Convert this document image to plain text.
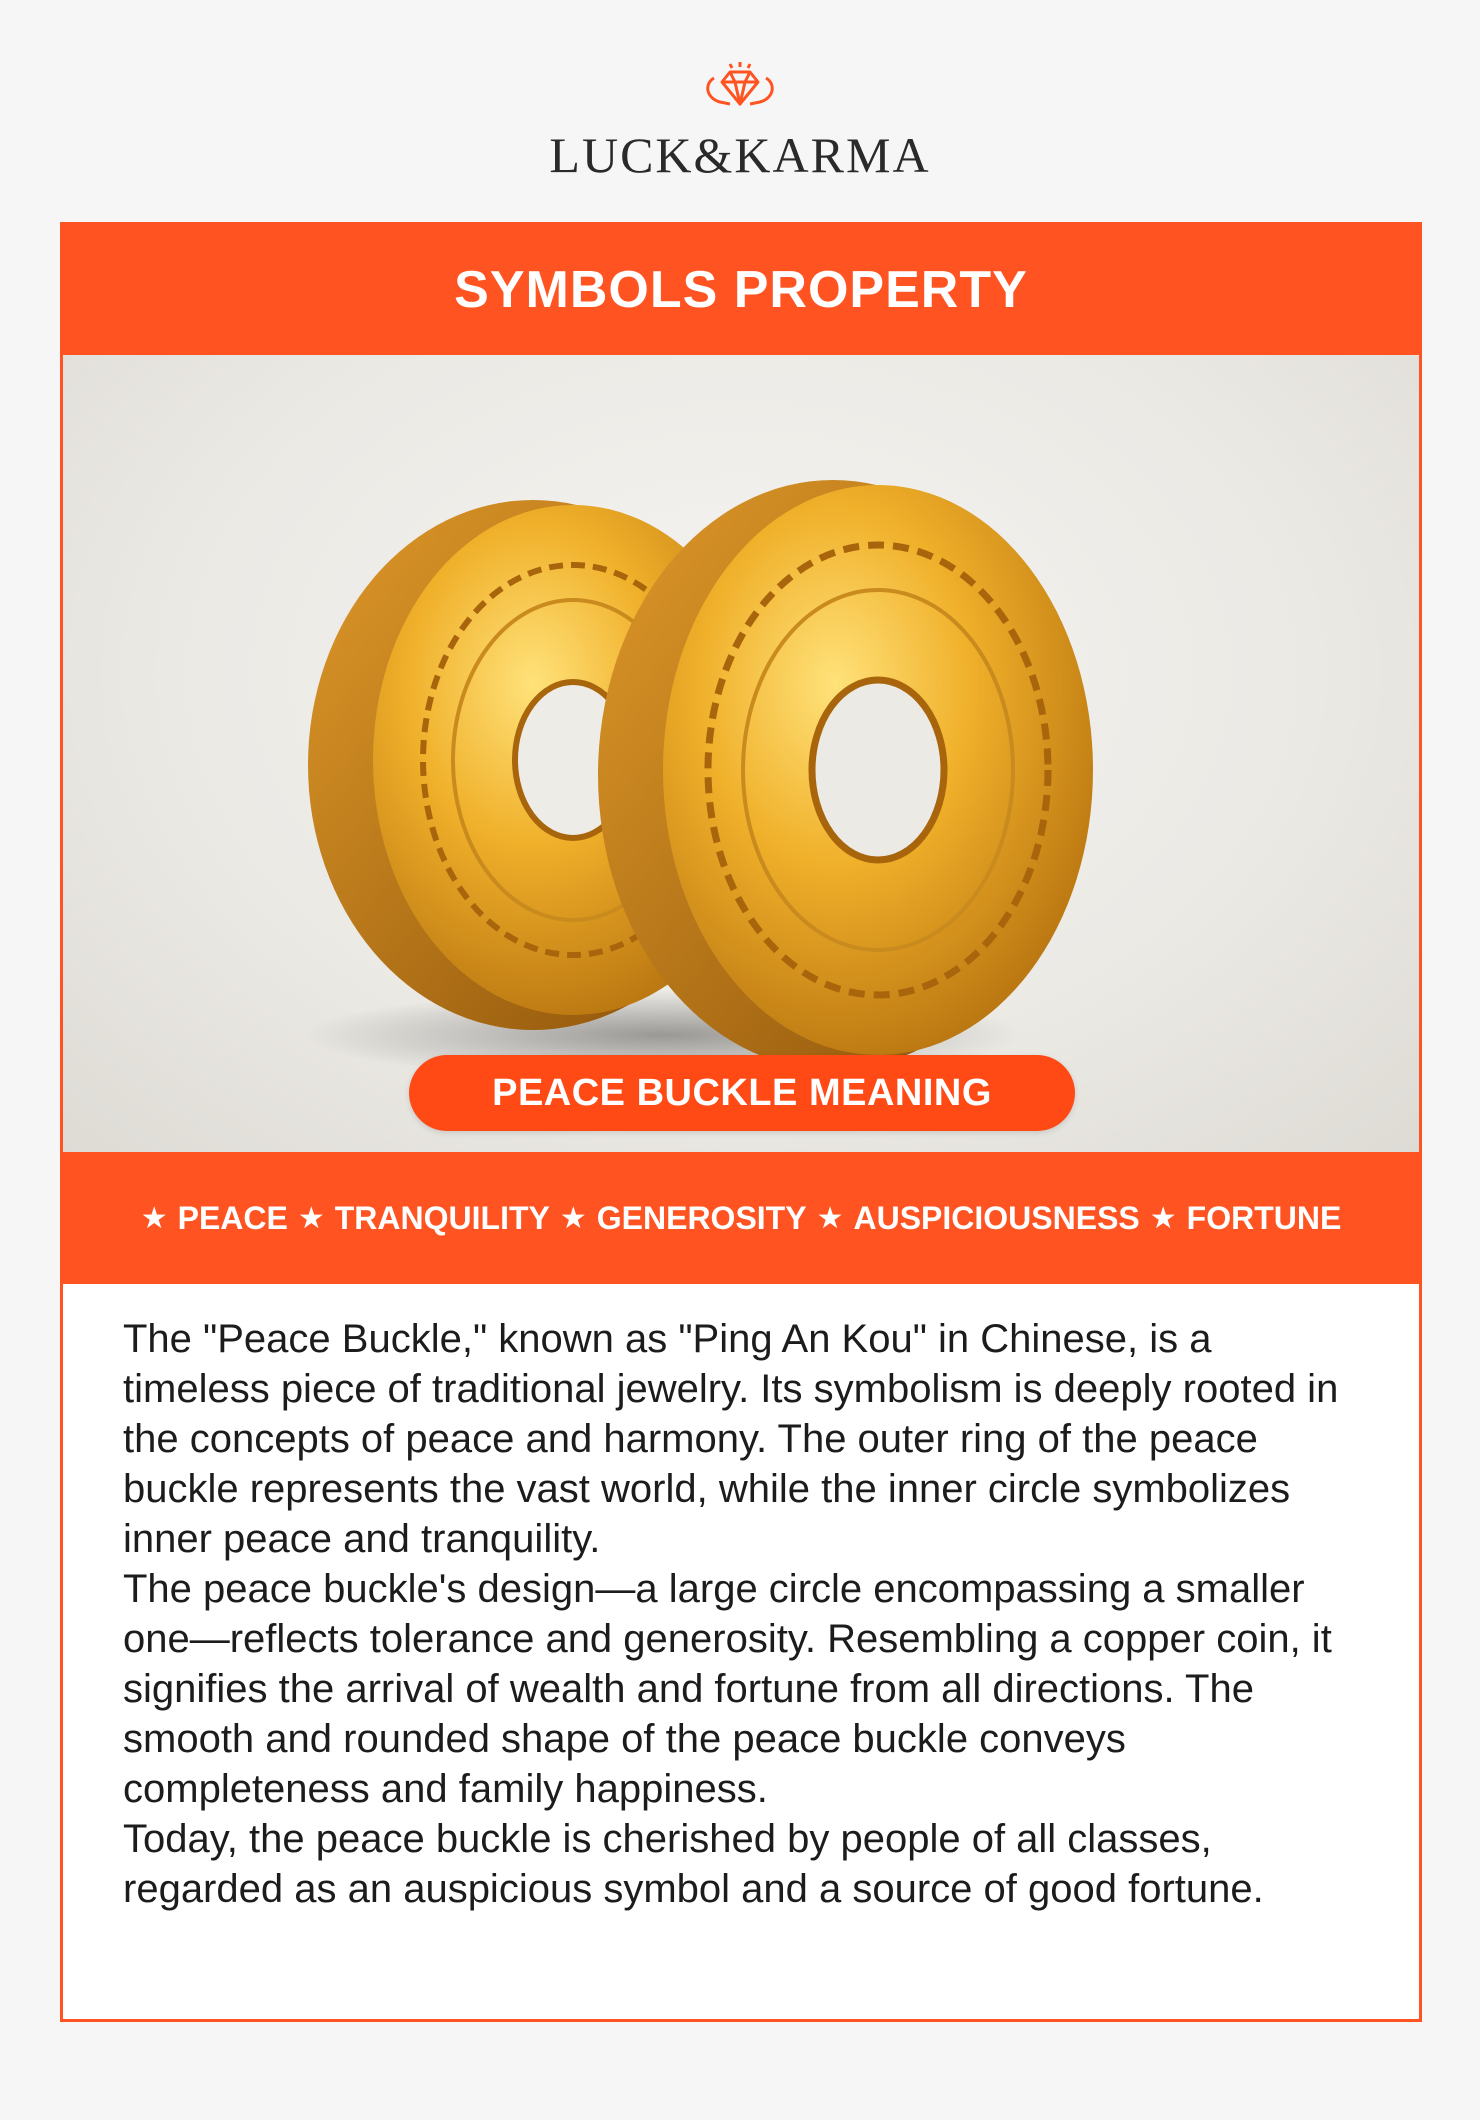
LUCK&KARMA
SYMBOLS PROPERTY
PEACE BUCKLE MEANING
★ PEACE ★ TRANQUILITY ★ GENEROSITY ★ AUSPICIOUSNESS ★ FORTUNE

The "Peace Buckle," known as "Ping An Kou" in Chinese, is a timeless piece of traditional jewelry. Its symbolism is deeply rooted in the concepts of peace and harmony. The outer ring of the peace buckle represents the vast world, while the inner circle symbolizes inner peace and tranquility.

The peace buckle's design—a large circle encompassing a smaller one—reflects tolerance and generosity. Resembling a copper coin, it signifies the arrival of wealth and fortune from all directions. The smooth and rounded shape of the peace buckle conveys completeness and family happiness.

Today, the peace buckle is cherished by people of all classes, regarded as an auspicious symbol and a source of good fortune.
